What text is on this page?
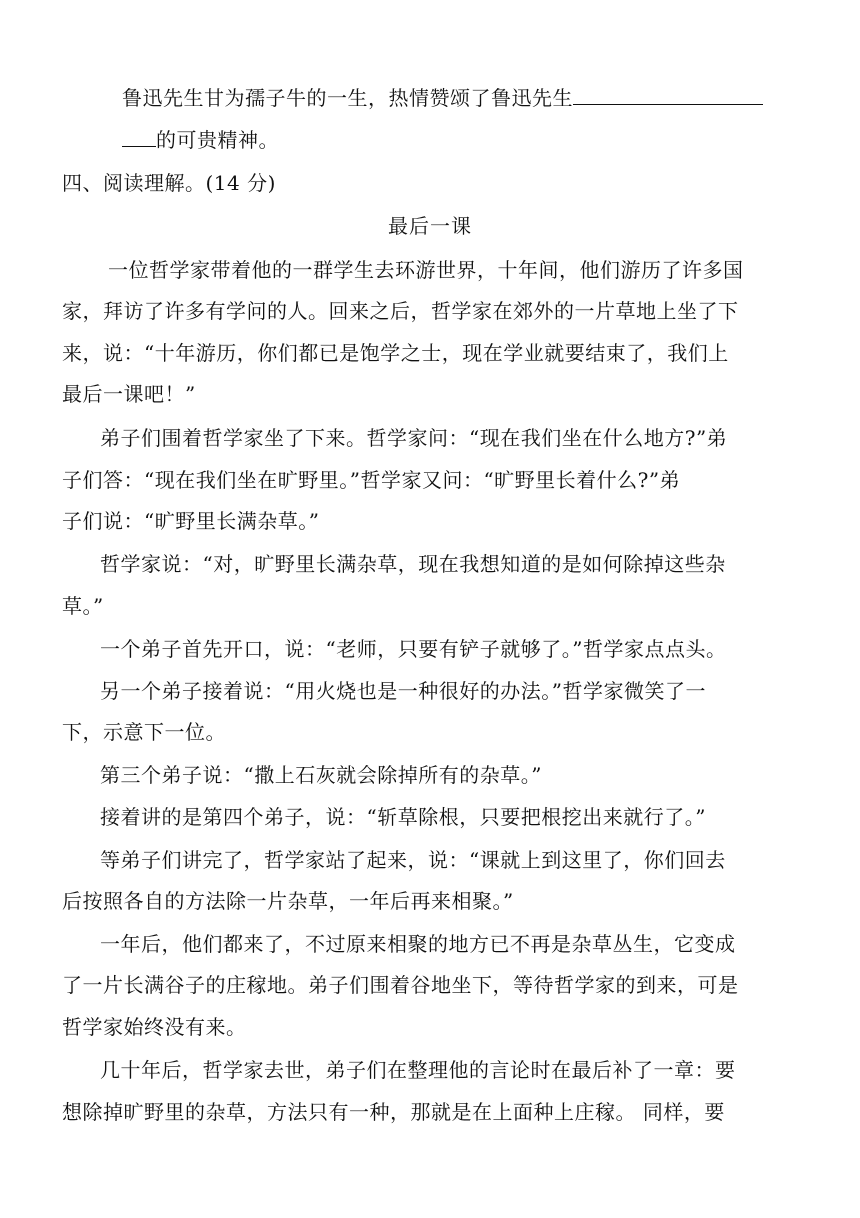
鲁迅先生甘为孺子牛的一生，热情赞颂了鲁迅先生
的可贵精神。
四、阅读理解。(14 分)
最后一课
一位哲学家带着他的一群学生去环游世界，十年间，他们游历了许多国
家，拜访了许多有学问的人。回来之后，哲学家在郊外的一片草地上坐了下
来，说：“十年游历，你们都已是饱学之士，现在学业就要结束了，我们上
最后一课吧！”
弟子们围着哲学家坐了下来。哲学家问：“现在我们坐在什么地方?”弟
子们答：“现在我们坐在旷野里。”哲学家又问：“旷野里长着什么?”弟
子们说：“旷野里长满杂草。”
哲学家说：“对，旷野里长满杂草，现在我想知道的是如何除掉这些杂
草。”
一个弟子首先开口，说：“老师，只要有铲子就够了。”哲学家点点头。
另一个弟子接着说：“用火烧也是一种很好的办法。”哲学家微笑了一
下，示意下一位。
第三个弟子说：“撒上石灰就会除掉所有的杂草。”
接着讲的是第四个弟子，说：“斩草除根，只要把根挖出来就行了。”
等弟子们讲完了，哲学家站了起来，说：“课就上到这里了，你们回去
后按照各自的方法除一片杂草，一年后再来相聚。”
一年后，他们都来了，不过原来相聚的地方已不再是杂草丛生，它变成
了一片长满谷子的庄稼地。弟子们围着谷地坐下，等待哲学家的到来，可是
哲学家始终没有来。
几十年后，哲学家去世，弟子们在整理他的言论时在最后补了一章：要
想除掉旷野里的杂草，方法只有一种，那就是在上面种上庄稼。 同样，要
